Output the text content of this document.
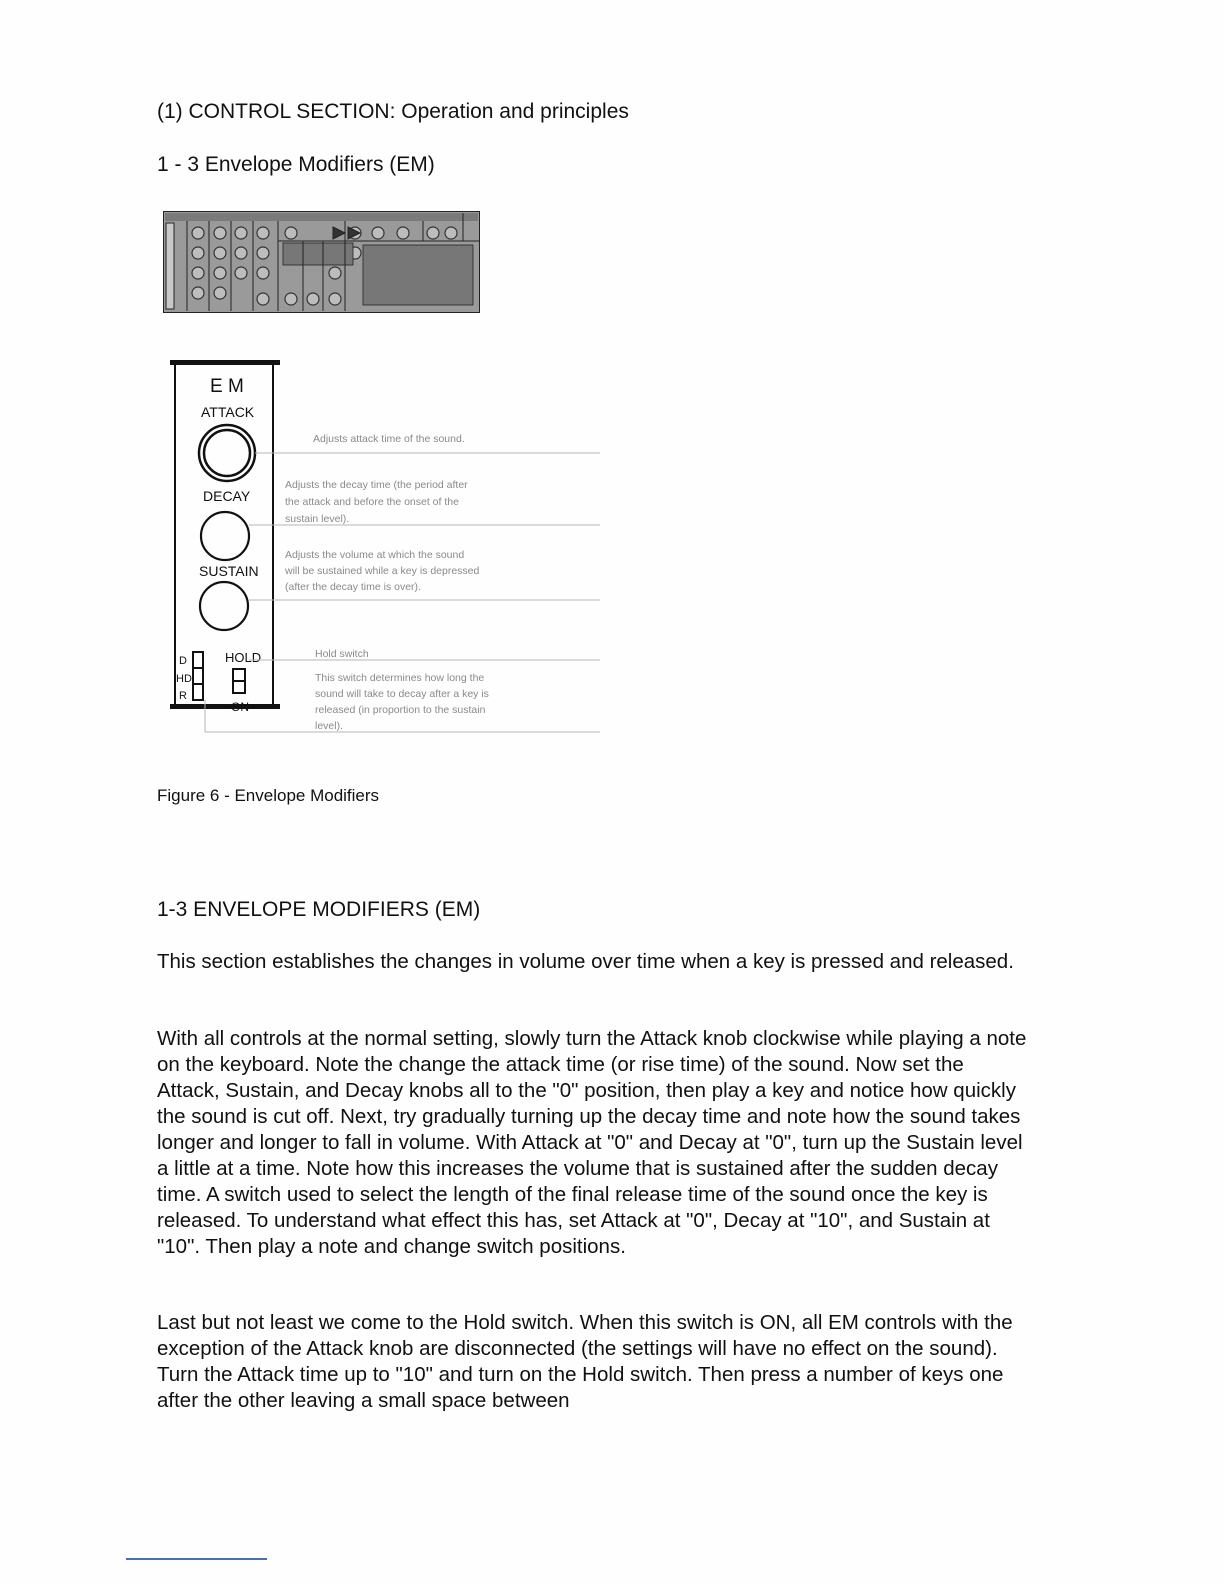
(1) CONTROL SECTION: Operation and principles
1 - 3 Envelope Modifiers (EM)
E M
ATTACK
DECAY
SUSTAIN
HOLD
D
HD
R
ON
Adjusts attack time of the sound.
Adjusts the decay time (the period after
the attack and before the onset of the
sustain level).
Adjusts the volume at which the sound
will be sustained while a key is depressed
(after the decay time is over).
Hold switch
This switch determines how long the
sound will take to decay after a key is
released (in proportion to the sustain
level).
Figure 6 - Envelope Modifiers
1-3 ENVELOPE MODIFIERS (EM)

This section establishes the changes in volume over time when a key is pressed and released.

With all controls at the normal setting, slowly turn the Attack knob clockwise while playing a note on the keyboard. Note the change the attack time (or rise time) of the sound. Now set the Attack, Sustain, and Decay knobs all to the "0" position, then play a key and notice how quickly the sound is cut off. Next, try gradually turning up the decay time and note how the sound takes longer and longer to fall in volume. With Attack at "0" and Decay at "0", turn up the Sustain level a little at a time. Note how this increases the volume that is sustained after the sudden decay time. A switch used to select the length of the final release time of the sound once the key is released. To understand what effect this has, set Attack at "0", Decay at "10", and Sustain at "10". Then play a note and change switch positions.

Last but not least we come to the Hold switch. When this switch is ON, all EM controls with the exception of the Attack knob are disconnected (the settings will have no effect on the sound). Turn the Attack time up to "10" and turn on the Hold switch. Then press a number of keys one after the other leaving a small space between
